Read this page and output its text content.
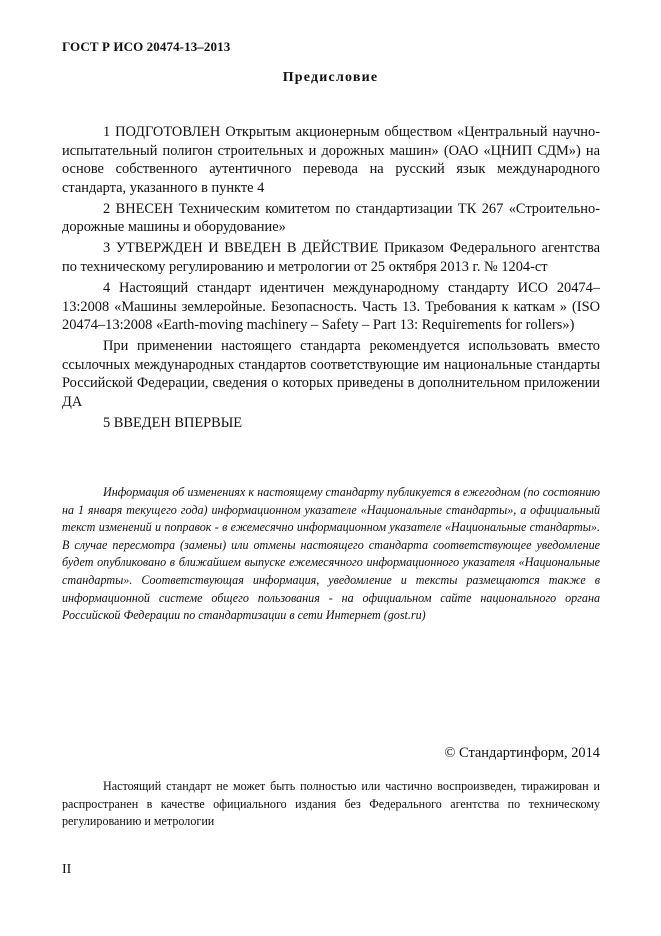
ГОСТ Р ИСО 20474-13–2013
Предисловие

1 ПОДГОТОВЛЕН Открытым акционерным обществом «Центральный научно-испытательный полигон строительных и дорожных машин» (ОАО «ЦНИП СДМ») на основе собственного аутентичного перевода на русский язык международного стандарта, указанного в пункте 4

2 ВНЕСЕН Техническим комитетом по стандартизации ТК 267 «Строительно-дорожные машины и оборудование»

3 УТВЕРЖДЕН И ВВЕДЕН В ДЕЙСТВИЕ Приказом Федерального агентства по техническому регулированию и метрологии от 25 октября 2013 г. № 1204-ст

4 Настоящий стандарт идентичен международному стандарту ИСО 20474–13:2008 «Машины землеройные. Безопасность. Часть 13. Требования к каткам » (ISO 20474–13:2008 «Earth-moving machinery – Safety – Part 13: Requirements for rollers»)

При применении настоящего стандарта рекомендуется использовать вместо ссылочных международных стандартов соответствующие им национальные стандарты Российской Федерации, сведения о которых приведены в дополнительном приложении ДА

5 ВВЕДЕН ВПЕРВЫЕ

Информация об изменениях к настоящему стандарту публикуется в ежегодном (по состоянию на 1 января текущего года) информационном указателе «Национальные стандарты», а официальный текст изменений и поправок - в ежемесячно информационном указателе «Национальные стандарты». В случае пересмотра (замены) или отмены настоящего стандарта соответствующее уведомление будет опубликовано в ближайшем выпуске ежемесячного информационного указателя «Национальные стандарты». Соответствующая информация, уведомление и тексты размещаются также в информационной системе общего пользования - на официальном сайте национального органа Российской Федерации по стандартизации в сети Интернет (gost.ru)

© Стандартинформ, 2014

Настоящий стандарт не может быть полностью или частично воспроизведен, тиражирован и распространен в качестве официального издания без Федерального агентства по техническому регулированию и метрологии

II
